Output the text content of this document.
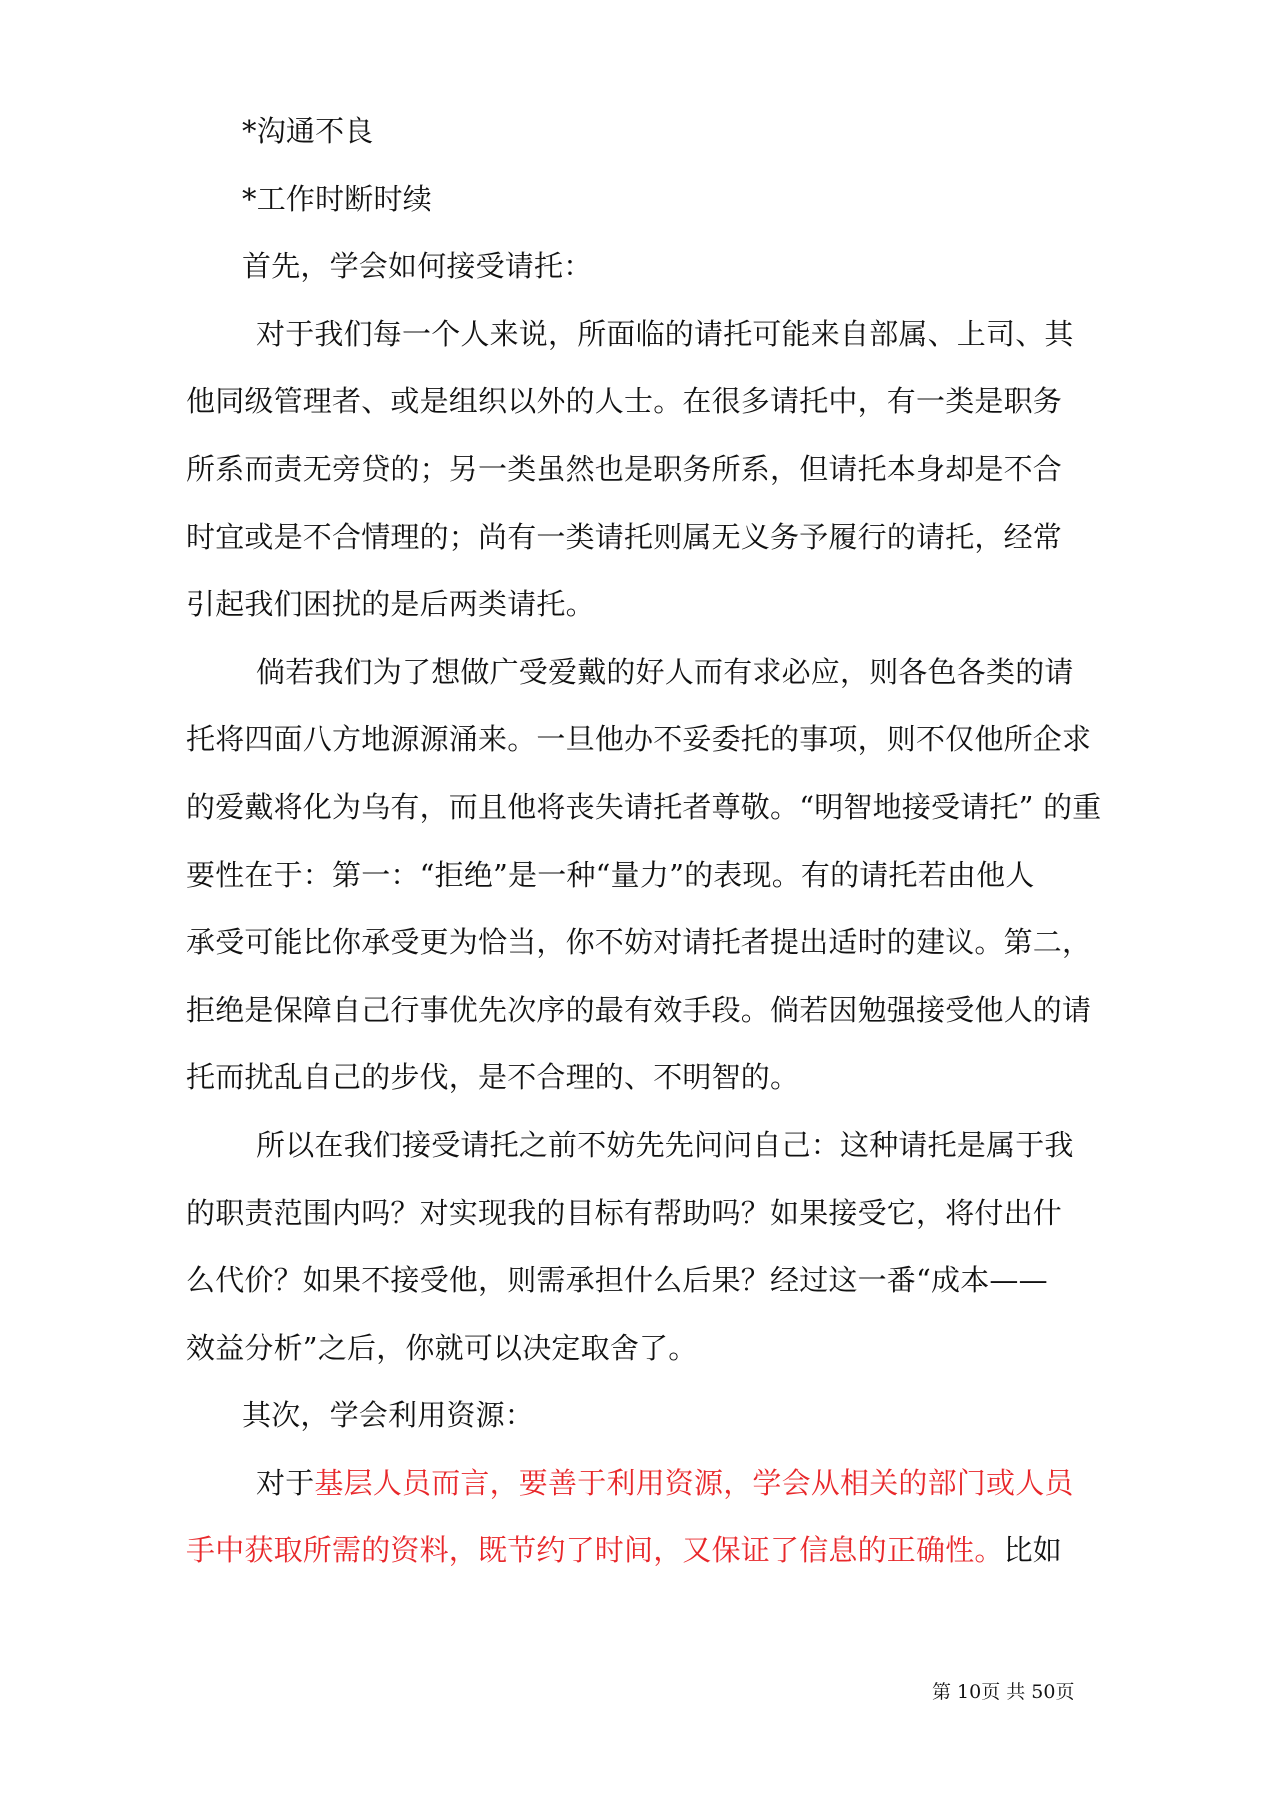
*沟通不良
*工作时断时续
首先，学会如何接受请托：
对于我们每一个人来说，所面临的请托可能来自部属、上司、其
他同级管理者、或是组织以外的人士。在很多请托中，有一类是职务
所系而责无旁贷的；另一类虽然也是职务所系，但请托本身却是不合
时宜或是不合情理的；尚有一类请托则属无义务予履行的请托，经常
引起我们困扰的是后两类请托。
倘若我们为了想做广受爱戴的好人而有求必应，则各色各类的请
托将四面八方地源源涌来。一旦他办不妥委托的事项，则不仅他所企求
的爱戴将化为乌有，而且他将丧失请托者尊敬。“明智地接受请托” 的重
要性在于：第一：“拒绝”是一种“量力”的表现。有的请托若由他人
承受可能比你承受更为恰当，你不妨对请托者提出适时的建议。第二，
拒绝是保障自己行事优先次序的最有效手段。倘若因勉强接受他人的请
托而扰乱自己的步伐，是不合理的、不明智的。
所以在我们接受请托之前不妨先先问问自己：这种请托是属于我
的职责范围内吗？对实现我的目标有帮助吗？如果接受它，将付出什
么代价？如果不接受他，则需承担什么后果？经过这一番“成本——
效益分析”之后，你就可以决定取舍了。
其次，学会利用资源：
对于基层人员而言，要善于利用资源，学会从相关的部门或人员
手中获取所需的资料，既节约了时间，又保证了信息的正确性。比如
第 10页 共 50页
